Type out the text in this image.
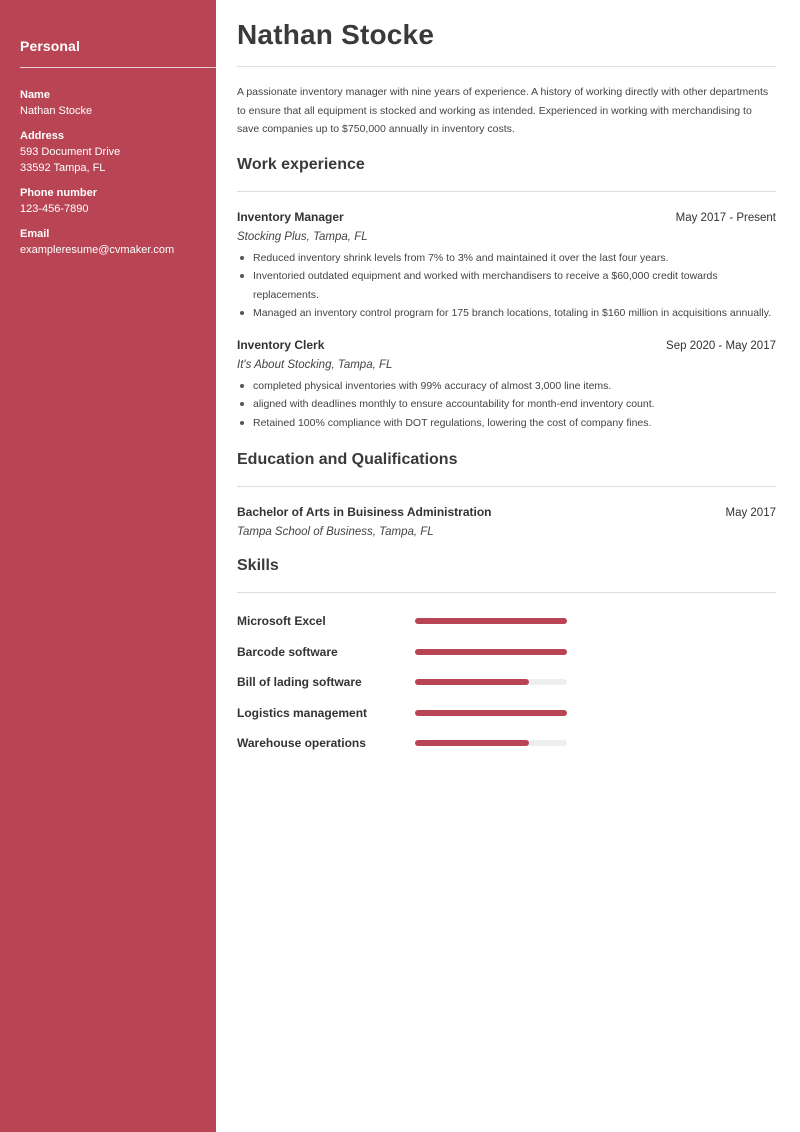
Personal
Name
Nathan Stocke
Address
593 Document Drive
33592 Tampa, FL
Phone number
123-456-7890
Email
exampleresume@cvmaker.com
Nathan Stocke

A passionate inventory manager with nine years of experience. A history of working directly with other departments to ensure that all equipment is stocked and working as intended. Experienced in working with merchandising to save companies up to $750,000 annually in inventory costs.

Work experience
Inventory Manager	May 2017 - Present
Stocking Plus, Tampa, FL
Reduced inventory shrink levels from 7% to 3% and maintained it over the last four years.
Inventoried outdated equipment and worked with merchandisers to receive a $60,000 credit towards replacements.
Managed an inventory control program for 175 branch locations, totaling in $160 million in acquisitions annually.
Inventory Clerk	Sep 2020 - May 2017
It's About Stocking, Tampa, FL
completed physical inventories with 99% accuracy of almost 3,000 line items.
aligned with deadlines monthly to ensure accountability for month-end inventory count.
Retained 100% compliance with DOT regulations, lowering the cost of company fines.
Education and Qualifications
Bachelor of Arts in Buisiness Administration	May 2017
Tampa School of Business, Tampa, FL
Skills
Microsoft Excel
Barcode software
Bill of lading software
Logistics management
Warehouse operations
